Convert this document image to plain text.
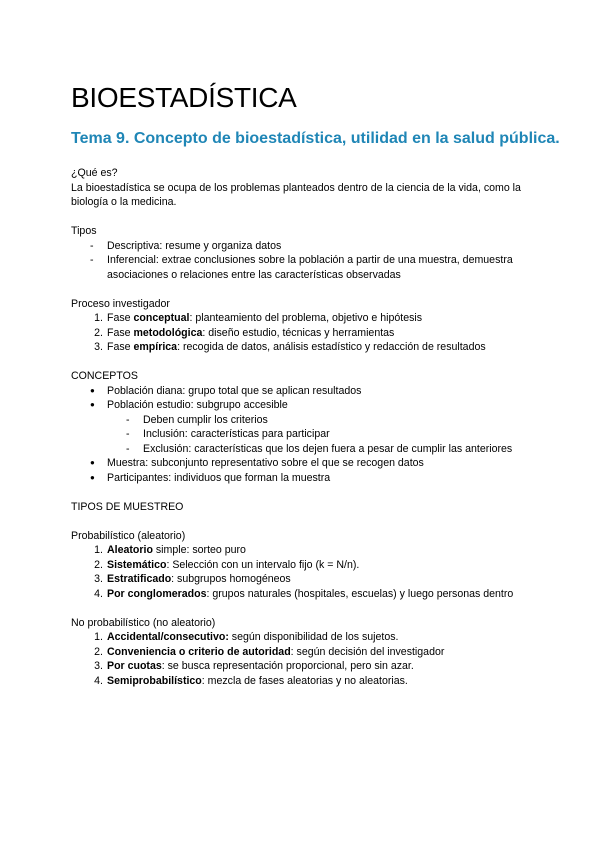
BIOESTADÍSTICA
Tema 9. Concepto de bioestadística, utilidad en la salud pública.

¿Qué es?

La bioestadística se ocupa de los problemas planteados dentro de la ciencia de la vida, como la biología o la medicina.

Tipos

- Descriptiva: resume y organiza datos
- Inferencial: extrae conclusiones sobre la población a partir de una muestra, demuestra asociaciones o relaciones entre las características observadas

Proceso investigador

1. Fase conceptual: planteamiento del problema, objetivo e hipótesis
2. Fase metodológica: diseño estudio, técnicas y herramientas
3. Fase empírica: recogida de datos, análisis estadístico y redacción de resultados

CONCEPTOS

● Población diana: grupo total que se aplican resultados
● Población estudio: subgrupo accesible
- Deben cumplir los criterios
- Inclusión: características para participar
- Exclusión: características que los dejen fuera a pesar de cumplir las anteriores
● Muestra: subconjunto representativo sobre el que se recogen datos
● Participantes: individuos que forman la muestra

TIPOS DE MUESTREO

Probabilístico (aleatorio)

1. Aleatorio simple: sorteo puro
2. Sistemático: Selección con un intervalo fijo (k = N/n).
3. Estratificado: subgrupos homogéneos
4. Por conglomerados: grupos naturales (hospitales, escuelas) y luego personas dentro

No probabilístico (no aleatorio)

1. Accidental/consecutivo: según disponibilidad de los sujetos.
2. Conveniencia o criterio de autoridad: según decisión del investigador
3. Por cuotas: se busca representación proporcional, pero sin azar.
4. Semiprobabilístico: mezcla de fases aleatorias y no aleatorias.
